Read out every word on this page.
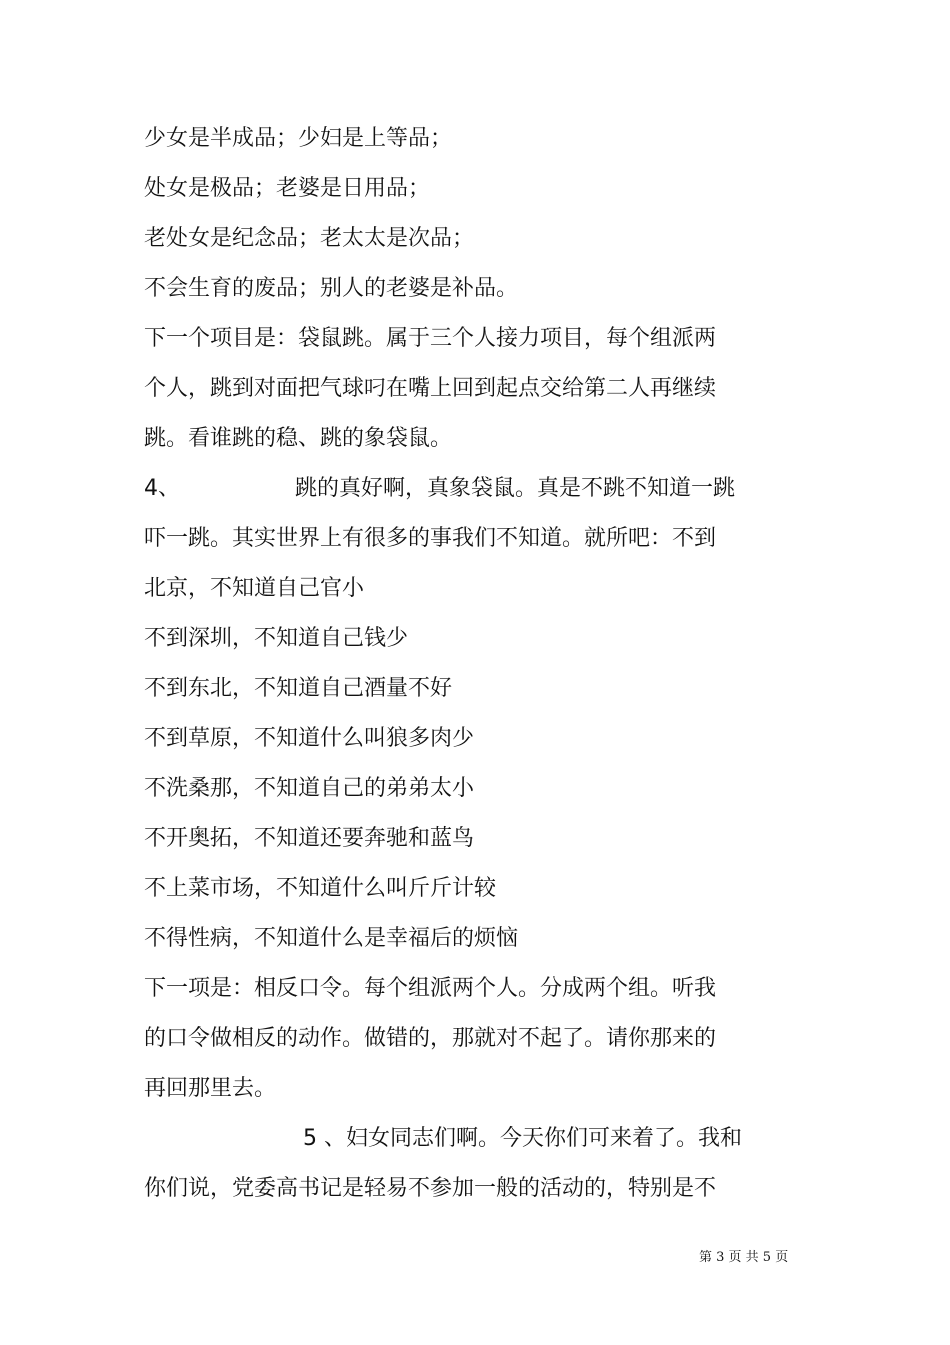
少女是半成品；少妇是上等品；
处女是极品；老婆是日用品；
老处女是纪念品；老太太是次品；
不会生育的废品；别人的老婆是补品。
下一个项目是：袋鼠跳。属于三个人接力项目，每个组派两
个人，跳到对面把气球叼在嘴上回到起点交给第二人再继续
跳。看谁跳的稳、跳的象袋鼠。
4、	跳的真好啊，真象袋鼠。真是不跳不知道一跳
吓一跳。其实世界上有很多的事我们不知道。就所吧：不到
北京，不知道自己官小
不到深圳，不知道自己钱少
不到东北，不知道自己酒量不好
不到草原，不知道什么叫狼多肉少
不洗桑那，不知道自己的弟弟太小
不开奥拓，不知道还要奔驰和蓝鸟
不上菜市场，不知道什么叫斤斤计较
不得性病，不知道什么是幸福后的烦恼
下一项是：相反口令。每个组派两个人。分成两个组。听我
的口令做相反的动作。做错的，那就对不起了。请你那来的
再回那里去。
5 、 妇女同志们啊。今天你们可来着了。我和
你们说，党委高书记是轻易不参加一般的活动的，特别是不
第 3 页 共 5 页
